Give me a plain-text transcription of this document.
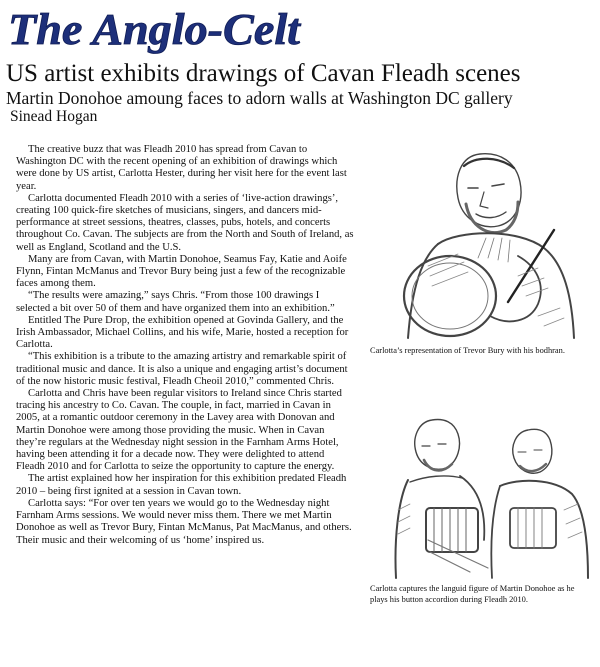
The Anglo-Celt
US artist exhibits drawings of Cavan Fleadh scenes
Martin Donohoe amoung faces to adorn walls at Washington DC gallery
Sinead Hogan

The creative buzz that was Fleadh 2010 has spread from Cavan to Washington DC with the recent opening of an exhibition of drawings which were done by US artist, Carlotta Hester, during her visit here for the event last year.

Carlotta documented Fleadh 2010 with a series of ‘live-action drawings’, creating 100 quick-fire sketches of musicians, singers, and dancers mid-performance at street sessions, theatres, classes, pubs, hotels, and concerts throughout Co. Cavan. The subjects are from the North and South of Ireland, as well as England, Scotland and the U.S.

Many are from Cavan, with Martin Donohoe, Seamus Fay, Katie and Aoife Flynn, Fintan McManus and Trevor Bury being just a few of the recognizable faces among them.

“The results were amazing,” says Chris. “From those 100 drawings I selected a bit over 50 of them and have organized them into an exhibition.”

Entitled The Pure Drop, the exhibition opened at Govinda Gallery, and the Irish Ambassador, Michael Collins, and his wife, Marie, hosted a reception for Carlotta.

“This exhibition is a tribute to the amazing artistry and remarkable spirit of traditional music and dance. It is also a unique and engaging artist’s document of the now historic music festival, Fleadh Cheoil 2010,” commented Chris.

Carlotta and Chris have been regular visitors to Ireland since Chris started tracing his ancestry to Co. Cavan. The couple, in fact, married in Cavan in 2005, at a romantic outdoor ceremony in the Lavey area with Donovan and Martin Donohoe were among those providing the music. When in Cavan they’re regulars at the Wednesday night session in the Farnham Arms Hotel, having been attending it for a decade now. They were delighted to attend Fleadh 2010 and for Carlotta to seize the opportunity to capture the energy.

The artist explained how her inspiration for this exhibition predated Fleadh 2010 – being first ignited at a session in Cavan town.

Carlotta says: “For over ten years we would go to the Wednesday night Farnham Arms sessions. We would never miss them. There we met Martin Donohoe as well as Trevor Bury, Fintan McManus, Pat MacManus, and others. Their music and their welcoming of us ‘home’ inspired us.

Carlotta’s representation of Trevor Bury with his bodhran.
Carlotta captures the languid figure of Martin Donohoe as he plays his button accordion during Fleadh 2010.
